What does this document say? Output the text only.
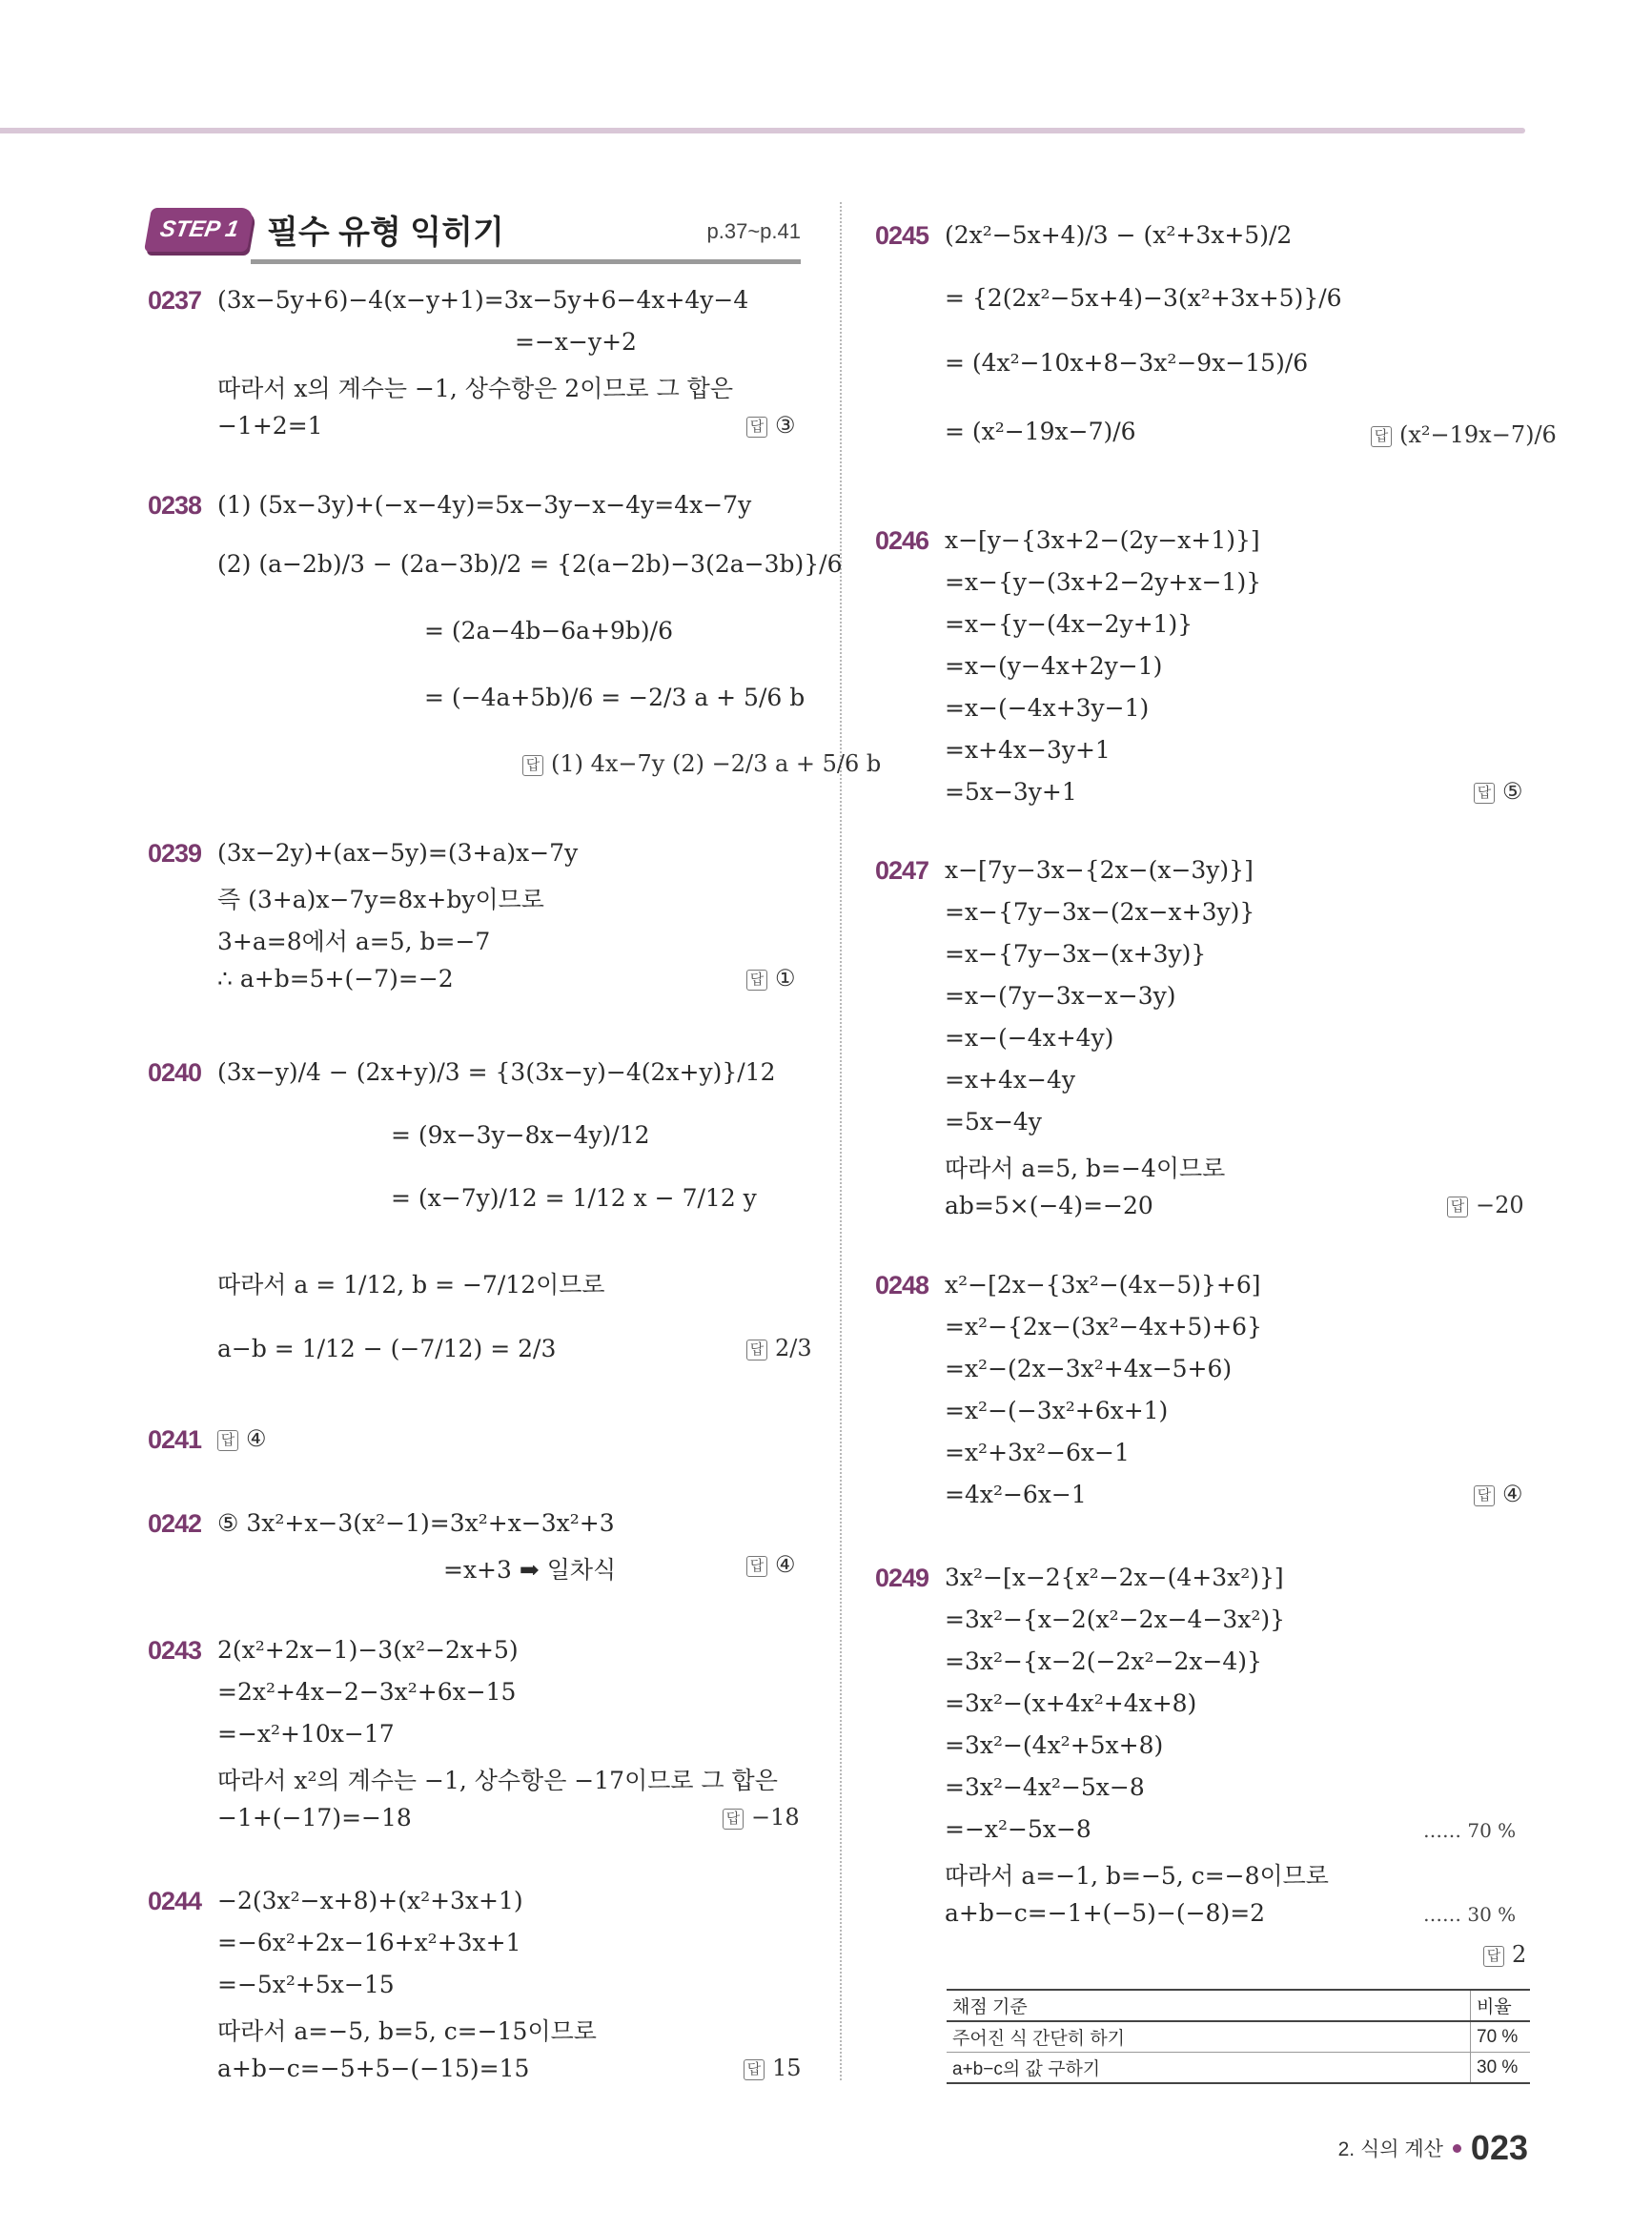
STEP 1 필수 유형 익히기	p.37~p.41
0237 (3x−5y+6)−4(x−y+1)=3x−5y+6−4x+4y−4
=−x−y+2
따라서 x의 계수는 −1, 상수항은 2이므로 그 합은
−1+2=1	답 ③
0238 (1) (5x−3y)+(−x−4y)=5x−3y−x−4y=4x−7y
(2) (a−2b)/3 − (2a−3b)/2 = {2(a−2b)−3(2a−3b)}/6
= (2a−4b−6a+9b)/6
= (−4a+5b)/6 = −2/3 a + 5/6 b
답 (1) 4x−7y (2) −2/3 a + 5/6 b
0239 (3x−2y)+(ax−5y)=(3+a)x−7y
즉 (3+a)x−7y=8x+by이므로
3+a=8에서 a=5, b=−7
∴ a+b=5+(−7)=−2	답 ①
0240 (3x−y)/4 − (2x+y)/3 = {3(3x−y)−4(2x+y)}/12
= (9x−3y−8x−4y)/12
= (x−7y)/12 = 1/12 x − 7/12 y
따라서 a = 1/12, b = −7/12이므로
a−b = 1/12 − (−7/12) = 2/3	답 2/3
0241 답 ④
0242 ⑤ 3x²+x−3(x²−1)=3x²+x−3x²+3
=x+3 ➡ 일차식	답 ④
0243 2(x²+2x−1)−3(x²−2x+5)
=2x²+4x−2−3x²+6x−15
=−x²+10x−17
따라서 x²의 계수는 −1, 상수항은 −17이므로 그 합은
−1+(−17)=−18	답 −18
0244 −2(3x²−x+8)+(x²+3x+1)
=−6x²+2x−16+x²+3x+1
=−5x²+5x−15
따라서 a=−5, b=5, c=−15이므로
a+b−c=−5+5−(−15)=15	답 15
0245 (2x²−5x+4)/3 − (x²+3x+5)/2
= {2(2x²−5x+4)−3(x²+3x+5)}/6
= (4x²−10x+8−3x²−9x−15)/6
= (x²−19x−7)/6	답 (x²−19x−7)/6
0246 x−[y−{3x+2−(2y−x+1)}]
=x−{y−(3x+2−2y+x−1)}
=x−{y−(4x−2y+1)}
=x−(y−4x+2y−1)
=x−(−4x+3y−1)
=x+4x−3y+1
=5x−3y+1	답 ⑤
0247 x−[7y−3x−{2x−(x−3y)}]
=x−{7y−3x−(2x−x+3y)}
=x−{7y−3x−(x+3y)}
=x−(7y−3x−x−3y)
=x−(−4x+4y)
=x+4x−4y
=5x−4y
따라서 a=5, b=−4이므로
ab=5×(−4)=−20	답 −20
0248 x²−[2x−{3x²−(4x−5)}+6]
=x²−{2x−(3x²−4x+5)+6}
=x²−(2x−3x²+4x−5+6)
=x²−(−3x²+6x+1)
=x²+3x²−6x−1
=4x²−6x−1	답 ④
0249 3x²−[x−2{x²−2x−(4+3x²)}]
=3x²−{x−2(x²−2x−4−3x²)}
=3x²−{x−2(−2x²−2x−4)}
=3x²−(x+4x²+4x+8)
=3x²−(4x²+5x+8)
=3x²−4x²−5x−8
=−x²−5x−8	…… 70 %
따라서 a=−1, b=−5, c=−8이므로
a+b−c=−1+(−5)−(−8)=2	…… 30 %
답 2
채점 기준	비율
주어진 식 간단히 하기	70 %
a+b−c의 값 구하기	30 %
2. 식의 계산 023
